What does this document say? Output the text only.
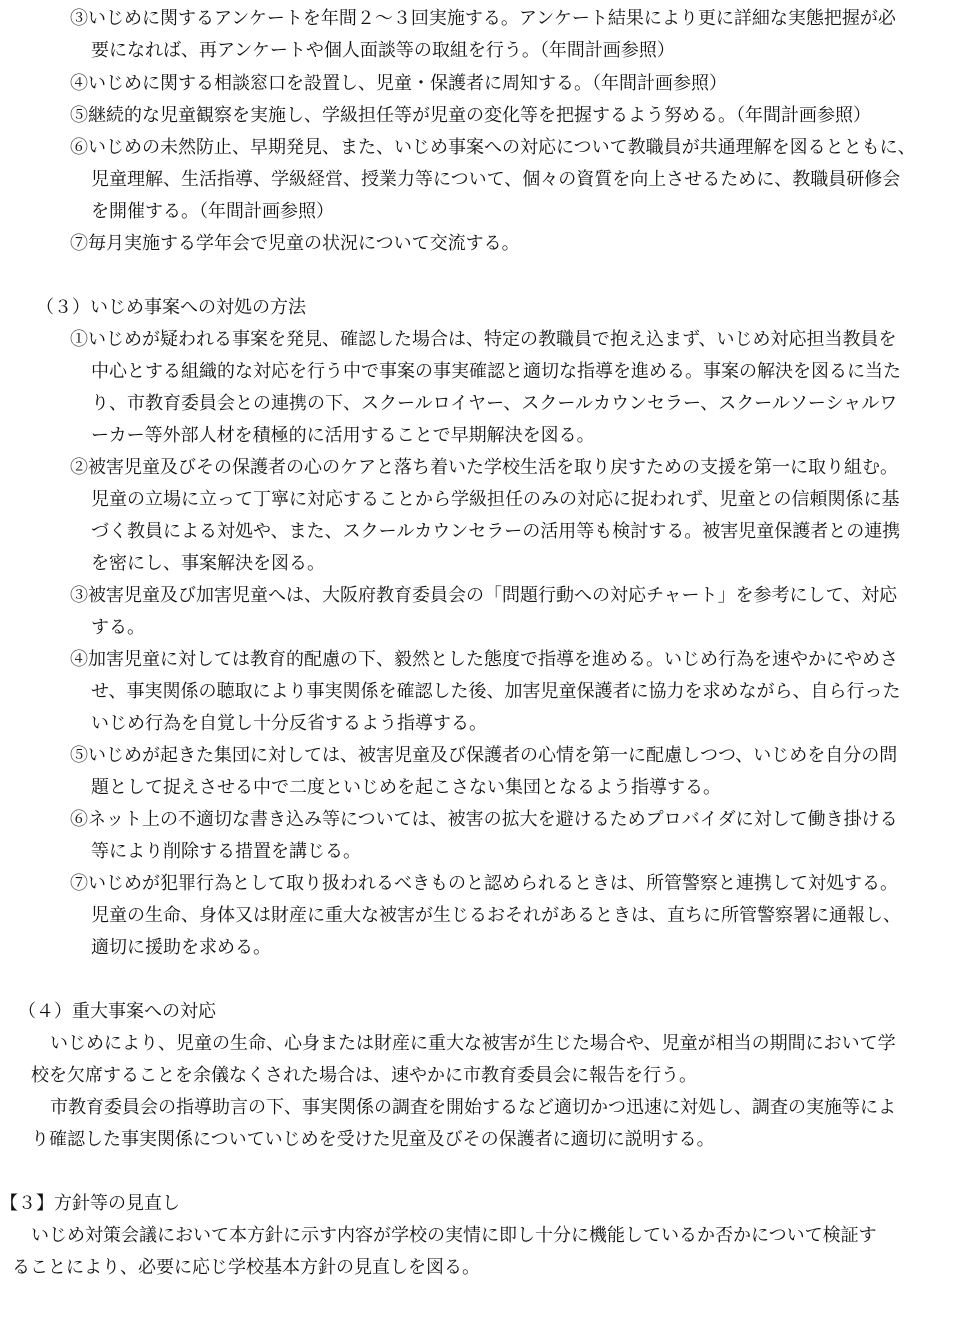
③いじめに関するアンケートを年間２～３回実施する。アンケート結果により更に詳細な実態把握が必
要になれば、再アンケートや個人面談等の取組を行う。（年間計画参照）
④いじめに関する相談窓口を設置し、児童・保護者に周知する。（年間計画参照）
⑤継続的な児童観察を実施し、学級担任等が児童の変化等を把握するよう努める。（年間計画参照）
⑥いじめの未然防止、早期発見、また、いじめ事案への対応について教職員が共通理解を図るとともに、
児童理解、生活指導、学級経営、授業力等について、個々の資質を向上させるために、教職員研修会
を開催する。（年間計画参照）
⑦毎月実施する学年会で児童の状況について交流する。
（３）いじめ事案への対処の方法
①いじめが疑われる事案を発見、確認した場合は、特定の教職員で抱え込まず、いじめ対応担当教員を
中心とする組織的な対応を行う中で事案の事実確認と適切な指導を進める。事案の解決を図るに当た
り、市教育委員会との連携の下、スクールロイヤー、スクールカウンセラー、スクールソーシャルワ
ーカー等外部人材を積極的に活用することで早期解決を図る。
②被害児童及びその保護者の心のケアと落ち着いた学校生活を取り戻すための支援を第一に取り組む。
児童の立場に立って丁寧に対応することから学級担任のみの対応に捉われず、児童との信頼関係に基
づく教員による対処や、また、スクールカウンセラーの活用等も検討する。被害児童保護者との連携
を密にし、事案解決を図る。
③被害児童及び加害児童へは、大阪府教育委員会の「問題行動への対応チャート」を参考にして、対応
する。
④加害児童に対しては教育的配慮の下、毅然とした態度で指導を進める。いじめ行為を速やかにやめさ
せ、事実関係の聴取により事実関係を確認した後、加害児童保護者に協力を求めながら、自ら行った
いじめ行為を自覚し十分反省するよう指導する。
⑤いじめが起きた集団に対しては、被害児童及び保護者の心情を第一に配慮しつつ、いじめを自分の問
題として捉えさせる中で二度といじめを起こさない集団となるよう指導する。
⑥ネット上の不適切な書き込み等については、被害の拡大を避けるためプロバイダに対して働き掛ける
等により削除する措置を講じる。
⑦いじめが犯罪行為として取り扱われるべきものと認められるときは、所管警察と連携して対処する。
児童の生命、身体又は財産に重大な被害が生じるおそれがあるときは、直ちに所管警察署に通報し、
適切に援助を求める。
（４）重大事案への対応
いじめにより、児童の生命、心身または財産に重大な被害が生じた場合や、児童が相当の期間において学
校を欠席することを余儀なくされた場合は、速やかに市教育委員会に報告を行う。
市教育委員会の指導助言の下、事実関係の調査を開始するなど適切かつ迅速に対処し、調査の実施等によ
り確認した事実関係についていじめを受けた児童及びその保護者に適切に説明する。
【３】方針等の見直し
いじめ対策会議において本方針に示す内容が学校の実情に即し十分に機能しているか否かについて検証す
ることにより、必要に応じ学校基本方針の見直しを図る。
